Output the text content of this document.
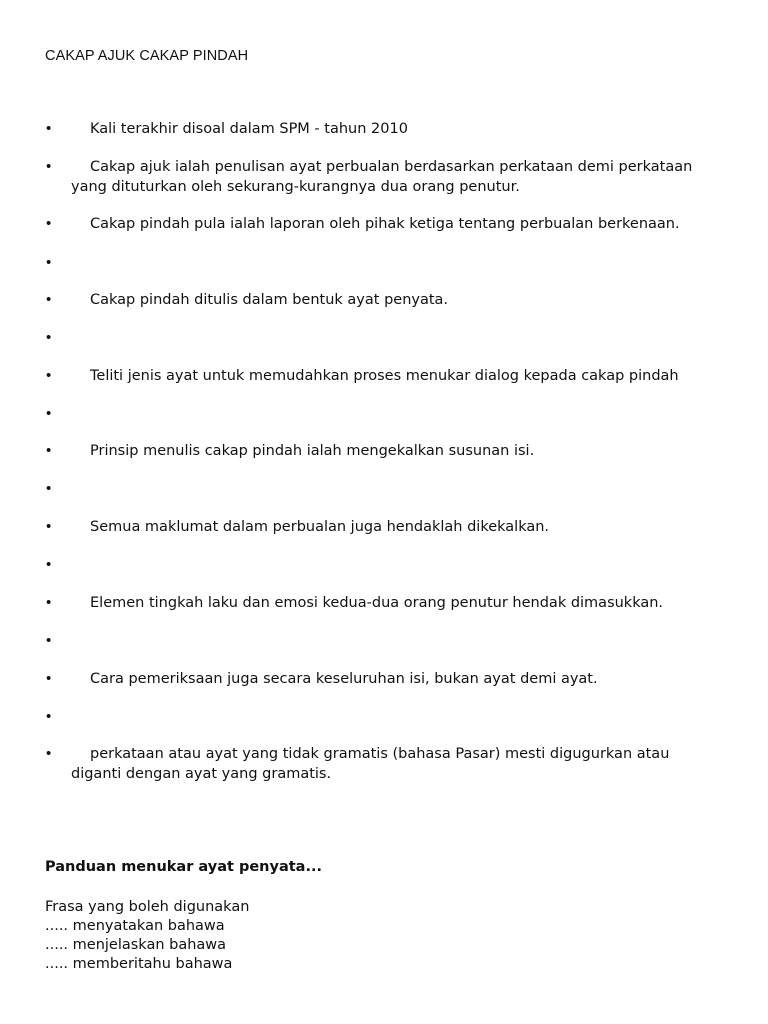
CAKAP AJUK CAKAP PINDAH
•	Kali terakhir disoal dalam SPM - tahun 2010
•	Cakap ajuk ialah penulisan ayat perbualan berdasarkan perkataan demi perkataan yang dituturkan oleh sekurang-kurangnya dua orang penutur.
•	Cakap pindah pula ialah laporan oleh pihak ketiga tentang perbualan berkenaan.
•
•	Cakap pindah ditulis dalam bentuk ayat penyata.
•
•	Teliti jenis ayat untuk memudahkan proses menukar dialog kepada cakap pindah
•
•	Prinsip menulis cakap pindah ialah mengekalkan susunan isi.
•
•	Semua maklumat dalam perbualan juga hendaklah dikekalkan.
•
•	Elemen tingkah laku dan emosi kedua-dua orang penutur hendak dimasukkan.
•
•	Cara pemeriksaan juga secara keseluruhan isi, bukan ayat demi ayat.
•
•	perkataan atau ayat yang tidak gramatis (bahasa Pasar) mesti digugurkan atau diganti dengan ayat yang gramatis.
Panduan menukar ayat penyata...
Frasa yang boleh digunakan
..... menyatakan bahawa
..... menjelaskan bahawa
..... memberitahu bahawa
